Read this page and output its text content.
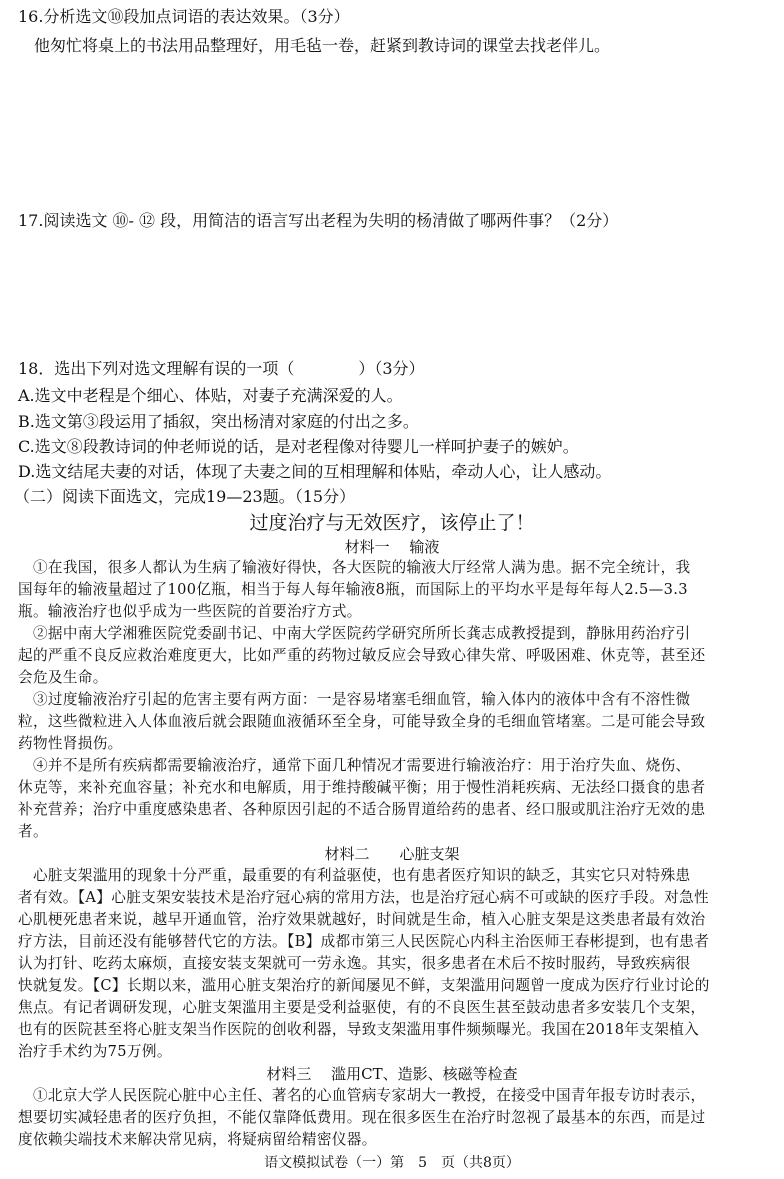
16.分析选文⑩段加点词语的表达效果。（3分）
他匆忙将桌上的书法用品整理好，用毛毡一卷，赶紧到教诗词的课堂去找老伴儿。
17.阅读选文 ⑩- ⑫ 段，用简洁的语言写出老程为失明的杨清做了哪两件事？（2分）
18．选出下列对选文理解有误的一项（　　　　）（3分）
A.选文中老程是个细心、体贴，对妻子充满深爱的人。
B.选文第③段运用了插叙，突出杨清对家庭的付出之多。
C.选文⑧段教诗词的仲老师说的话，是对老程像对待婴儿一样呵护妻子的嫉妒。
D.选文结尾夫妻的对话，体现了夫妻之间的互相理解和体贴，牵动人心，让人感动。
（二）阅读下面选文，完成19—23题。（15分）
过度治疗与无效医疗，该停止了！
材料一　 输液
　①在我国，很多人都认为生病了输液好得快，各大医院的输液大厅经常人满为患。据不完全统计，我
国每年的输液量超过了100亿瓶，相当于每人每年输液8瓶，而国际上的平均水平是每年每人2.5—3.3
瓶。输液治疗也似乎成为一些医院的首要治疗方式。
　②据中南大学湘雅医院党委副书记、中南大学医院药学研究所所长龚志成教授提到，静脉用药治疗引
起的严重不良反应救治难度更大，比如严重的药物过敏反应会导致心律失常、呼吸困难、休克等，甚至还
会危及生命。
　③过度输液治疗引起的危害主要有两方面：一是容易堵塞毛细血管，输入体内的液体中含有不溶性微
粒，这些微粒进入人体血液后就会跟随血液循环至全身，可能导致全身的毛细血管堵塞。二是可能会导致
药物性肾损伤。
　④并不是所有疾病都需要输液治疗，通常下面几种情况才需要进行输液治疗：用于治疗失血、烧伤、
休克等，来补充血容量；补充水和电解质，用于维持酸碱平衡；用于慢性消耗疾病、无法经口摄食的患者
补充营养；治疗中重度感染患者、各种原因引起的不适合肠胃道给药的患者、经口服或肌注治疗无效的患
者。
材料二　　心脏支架
　心脏支架滥用的现象十分严重，最重要的有利益驱使，也有患者医疗知识的缺乏，其实它只对特殊患
者有效。【A】心脏支架安装技术是治疗冠心病的常用方法，也是治疗冠心病不可或缺的医疗手段。对急性
心肌梗死患者来说，越早开通血管，治疗效果就越好，时间就是生命，植入心脏支架是这类患者最有效治
疗方法，目前还没有能够替代它的方法。【B】成都市第三人民医院心内科主治医师王春彬提到，也有患者
认为打针、吃药太麻烦，直接安装支架就可一劳永逸。其实，很多患者在术后不按时服药，导致疾病很
快就复发。【C】长期以来，滥用心脏支架治疗的新闻屡见不鲜，支架滥用问题曾一度成为医疗行业讨论的
焦点。有记者调研发现，心脏支架滥用主要是受利益驱使，有的不良医生甚至鼓动患者多安装几个支架，
也有的医院甚至将心脏支架当作医院的创收利器，导致支架滥用事件频频曝光。我国在2018年支架植入
治疗手术约为75万例。
材料三　 滥用CT、造影、核磁等检查
　①北京大学人民医院心脏中心主任、著名的心血管病专家胡大一教授，在接受中国青年报专访时表示，
想要切实减轻患者的医疗负担，不能仅靠降低费用。现在很多医生在治疗时忽视了最基本的东西，而是过
度依赖尖端技术来解决常见病，将疑病留给精密仪器。
语文模拟试卷（一）第　5　页（共8页）
